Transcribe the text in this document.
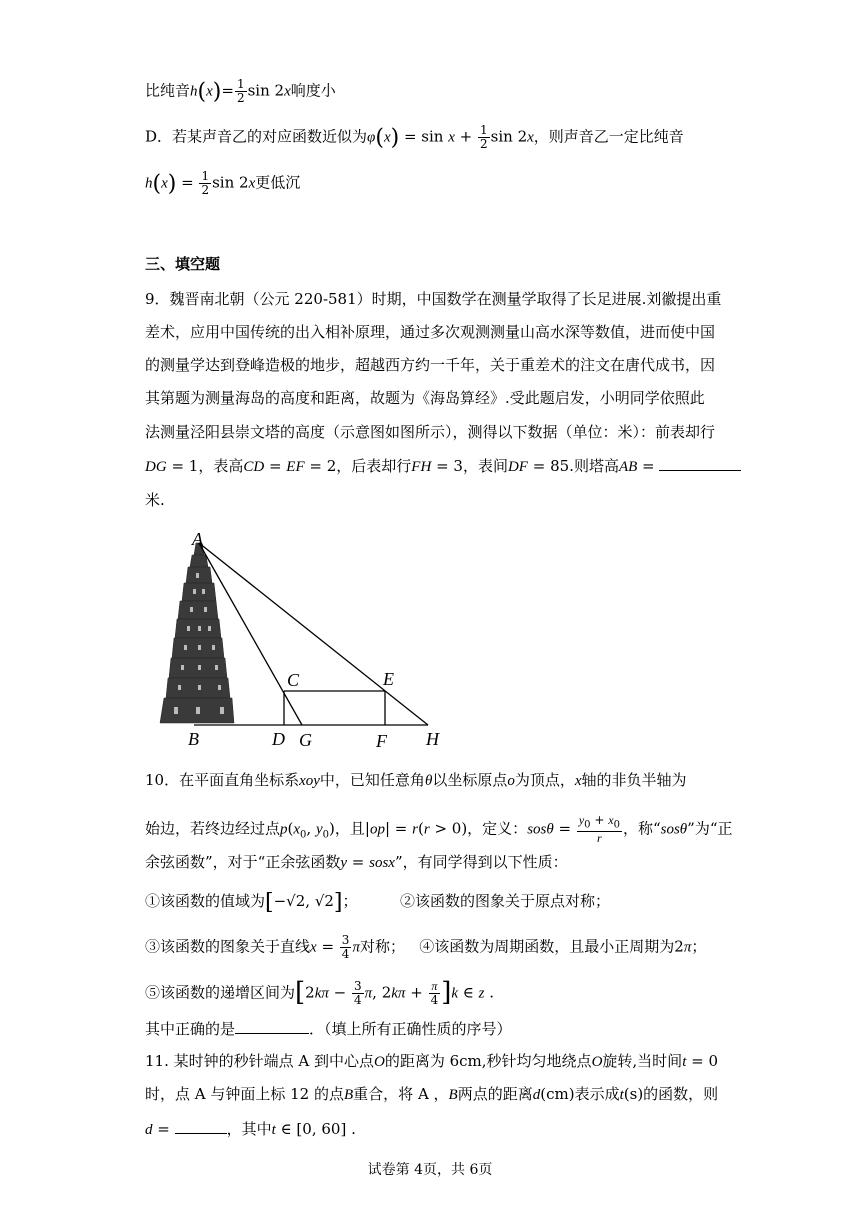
比纯音$h(x)= \frac{1}{2}$ sin 2x响度小
D．若某声音乙的对应函数近似为$\varphi(x) = \sin x + \frac{1}{2}$ sin 2x，则声音乙一定比纯音
$h(x) = \frac{1}{2}$ sin 2x更低沉
三、填空题
9．魏晋南北朝（公元 220-581）时期，中国数学在测量学取得了长足进展.刘徽提出重
差术，应用中国传统的出入相补原理，通过多次观测测量山高水深等数值，进而使中国
的测量学达到登峰造极的地步，超越西方约一千年，关于重差术的注文在唐代成书，因
其第题为测量海岛的高度和距离，故题为《海岛算经》.受此题启发，小明同学依照此
法测量泾阳县崇文塔的高度（示意图如图所示），测得以下数据（单位：米）：前表却行
DG = 1，表高CD = EF = 2，后表却行FH = 3，表间DF = 85.则塔高AB =
米.
A
B
C
D
E
F
G	H
10．在平面直角坐标系xoy中，已知任意角θ以坐标原点o为顶点，x轴的非负半轴为
始边，若终边经过点$p(x_0$, $y_0$)，且|op| = r(r > 0)，定义：$sos\theta = \frac{y_0 + x_0}{r}$ ，称“sosθ”为“正
余弦函数”，对于“正余弦函数y = sosx”，有同学得到以下性质：
①该函数的值域为[−√2, √2]；	②该函数的图象关于原点对称；
③该函数的图象关于直线$x = \frac{3}{4}$ π对称； ④该函数为周期函数，且最小正周期为2π；
⑤该函数的递增区间为[$2k\pi - \frac{3}{4} \pi$, $2k\pi + \frac{\pi}{4} ]k$ ∈ z .
其中正确的是	．（填上所有正确性质的序号）
11. 某时钟的秒针端点 A 到中心点O的距离为 6cm,秒针均匀地绕点O旋转,当时间t = 0
时，点 A 与钟面上标 12 的点B重合，将 A ，B两点的距离d(cm)表示成t(s)的函数，则
d =	，其中t ∈ [0, 60] .
试卷第 4页，共 6页
